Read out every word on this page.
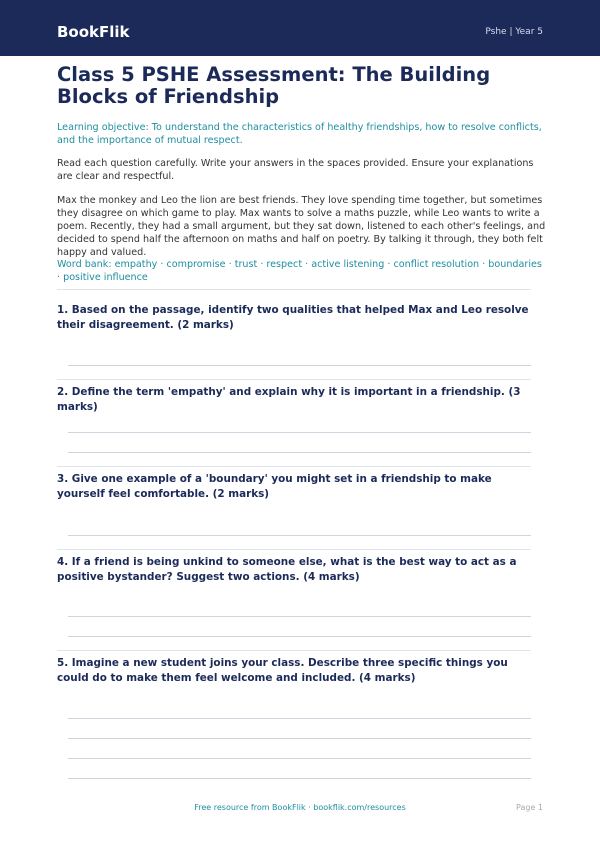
BookFlik	Pshe | Year 5
Class 5 PSHE Assessment: The Building Blocks of Friendship

Learning objective: To understand the characteristics of healthy friendships, how to resolve conflicts, and the importance of mutual respect.

Read each question carefully. Write your answers in the spaces provided. Ensure your explanations are clear and respectful.

Max the monkey and Leo the lion are best friends. They love spending time together, but sometimes they disagree on which game to play. Max wants to solve a maths puzzle, while Leo wants to write a poem. Recently, they had a small argument, but they sat down, listened to each other's feelings, and decided to spend half the afternoon on maths and half on poetry. By talking it through, they both felt happy and valued.

Word bank: empathy · compromise · trust · respect · active listening · conflict resolution · boundaries · positive influence

1. Based on the passage, identify two qualities that helped Max and Leo resolve their disagreement. (2 marks)

2. Define the term 'empathy' and explain why it is important in a friendship. (3 marks)

3. Give one example of a 'boundary' you might set in a friendship to make yourself feel comfortable. (2 marks)

4. If a friend is being unkind to someone else, what is the best way to act as a positive bystander? Suggest two actions. (4 marks)

5. Imagine a new student joins your class. Describe three specific things you could do to make them feel welcome and included. (4 marks)

Free resource from BookFlik · bookflik.com/resources	Page 1
